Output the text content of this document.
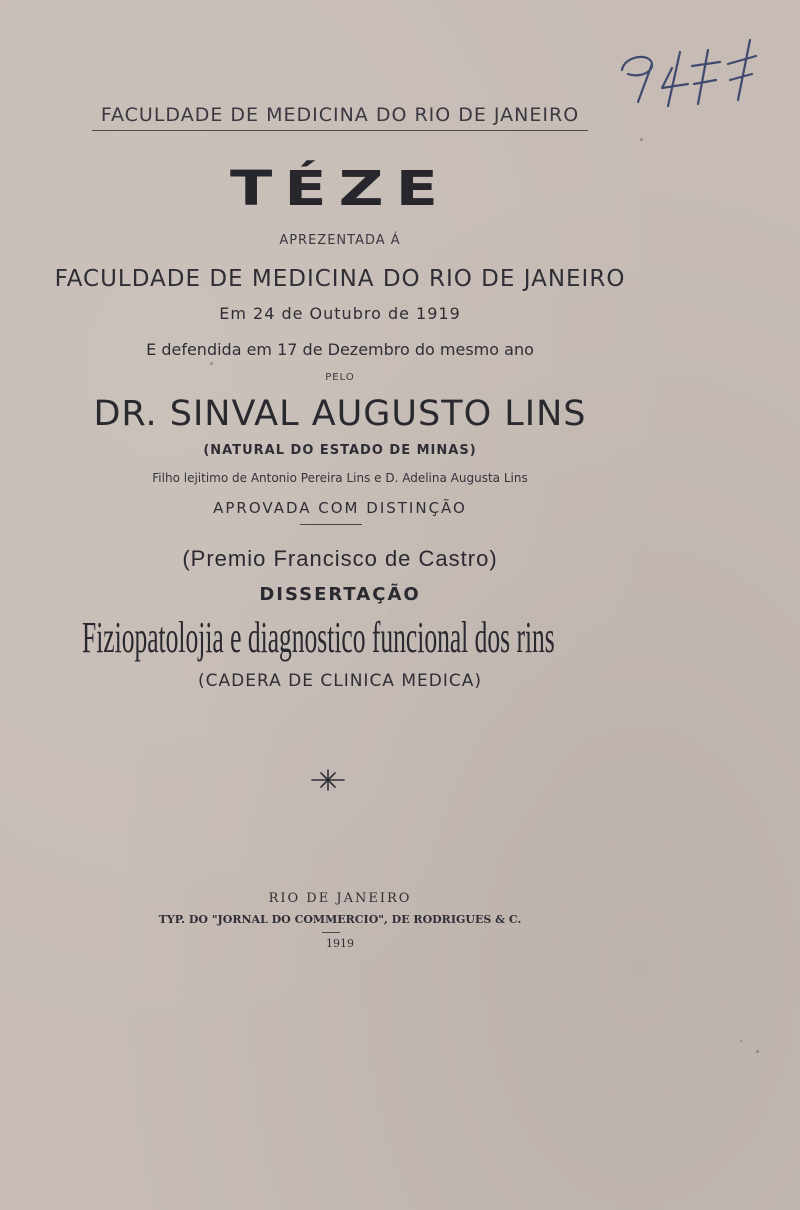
FACULDADE DE MEDICINA DO RIO DE JANEIRO
TÉZE
APREZENTADA Á
FACULDADE DE MEDICINA DO RIO DE JANEIRO
Em 24 de Outubro de 1919
E defendida em 17 de Dezembro do mesmo ano
PELO
DR. SINVAL AUGUSTO LINS
(NATURAL DO ESTADO DE MINAS)
Filho lejitimo de Antonio Pereira Lins e D. Adelina Augusta Lins
APROVADA COM DISTINÇÃO
(Premio Francisco de Castro)
DISSERTAÇÃO
Fiziopatolojia e diagnostico funcional dos rins
(CADERA DE CLINICA MEDICA)
RIO DE JANEIRO
TYP. DO "JORNAL DO COMMERCIO", DE RODRIGUES & C.
1919
